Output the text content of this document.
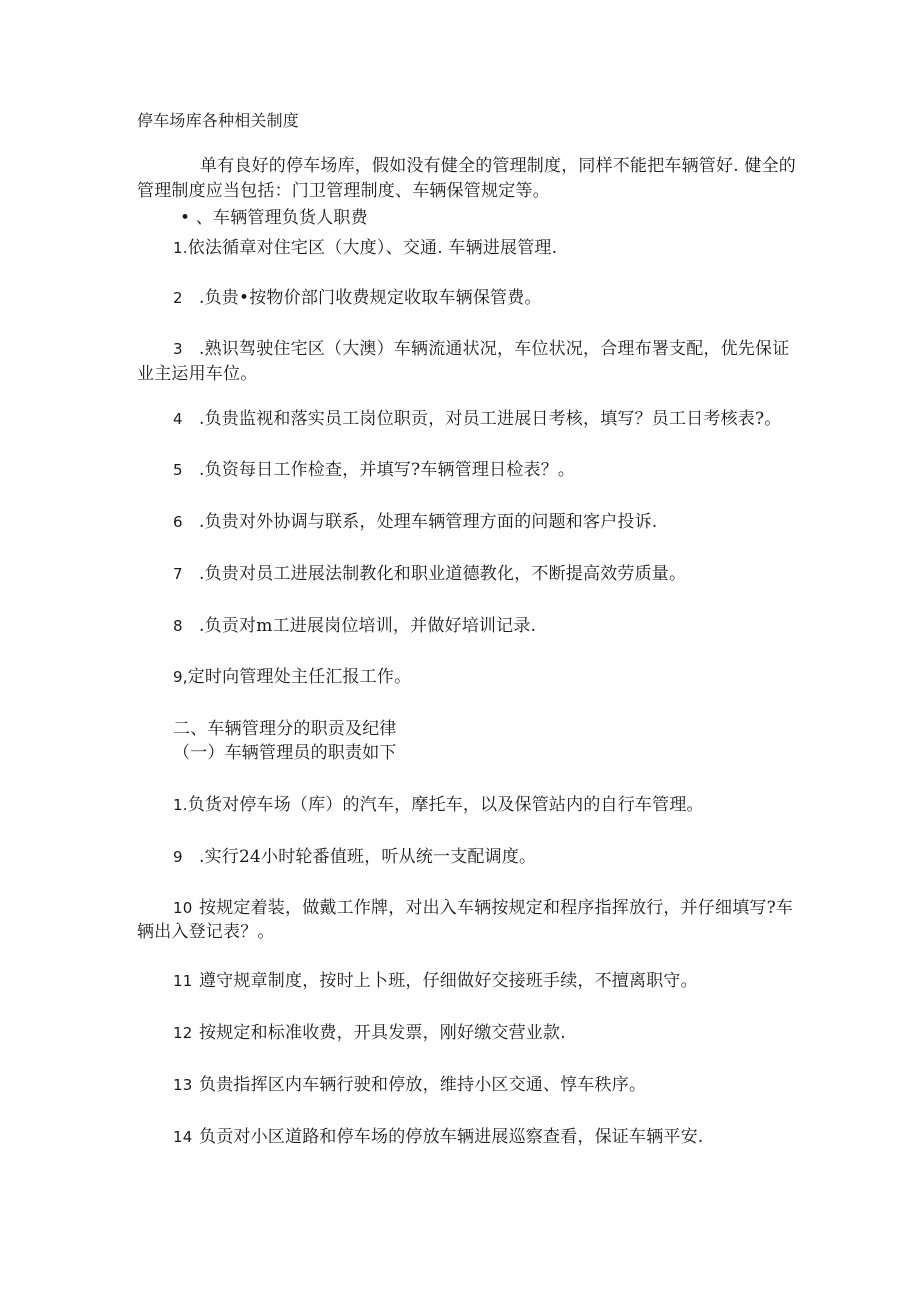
停车场库各种相关制度
单有良好的停车场库，假如没有健全的管理制度，同样不能把车辆管好. 健全的
管理制度应当包括：门卫管理制度、车辆保管规定等。
• 、车辆管理负货人职费
1.依法循章对住宅区（大度）、交通. 车辆进展管理.
2 .负贵•按物价部门收费规定收取车辆保管费。
3 .熟识驾驶住宅区（大澳）车辆流通状况，车位状况，合理布署支配，优先保证
业主运用车位。
4 .负贵监视和落实员工岗位职贡，对员工进展日考核，填写？员工日考核表?。
5 .负资每日工作检查，并填写?车辆管理日检表？。
6 .负贵对外协调与联系，处理车辆管理方面的问题和客户投诉.
7 .负贵对员工进展法制教化和职业道德教化，不断提高效劳质量。
8 .负贡对m工进展岗位培训，并做好培训记录.
9,定时向管理处主任汇报工作。
二、车辆管理分的职贡及纪律
（一）车辆管理员的职责如下
1.负货对停车场（库）的汽车，摩托车，以及保管站内的自行车管理。
9 .实行24小时轮番值班，听从统一支配调度。
10 按规定着装，做戴工作牌，对出入车辆按规定和程序指挥放行，并仔细填写?车
辆出入登记表？。
11 遵守规章制度，按时上卜班，仔细做好交接班手续，不擅离职守。
12 按规定和标准收费，开具发票，刚好缴交营业款.
13 负贵指挥区内车辆行驶和停放，维持小区交通、惇车秩序。
14 负贡对小区道路和停车场的停放车辆进展巡察查看，保证车辆平安.
